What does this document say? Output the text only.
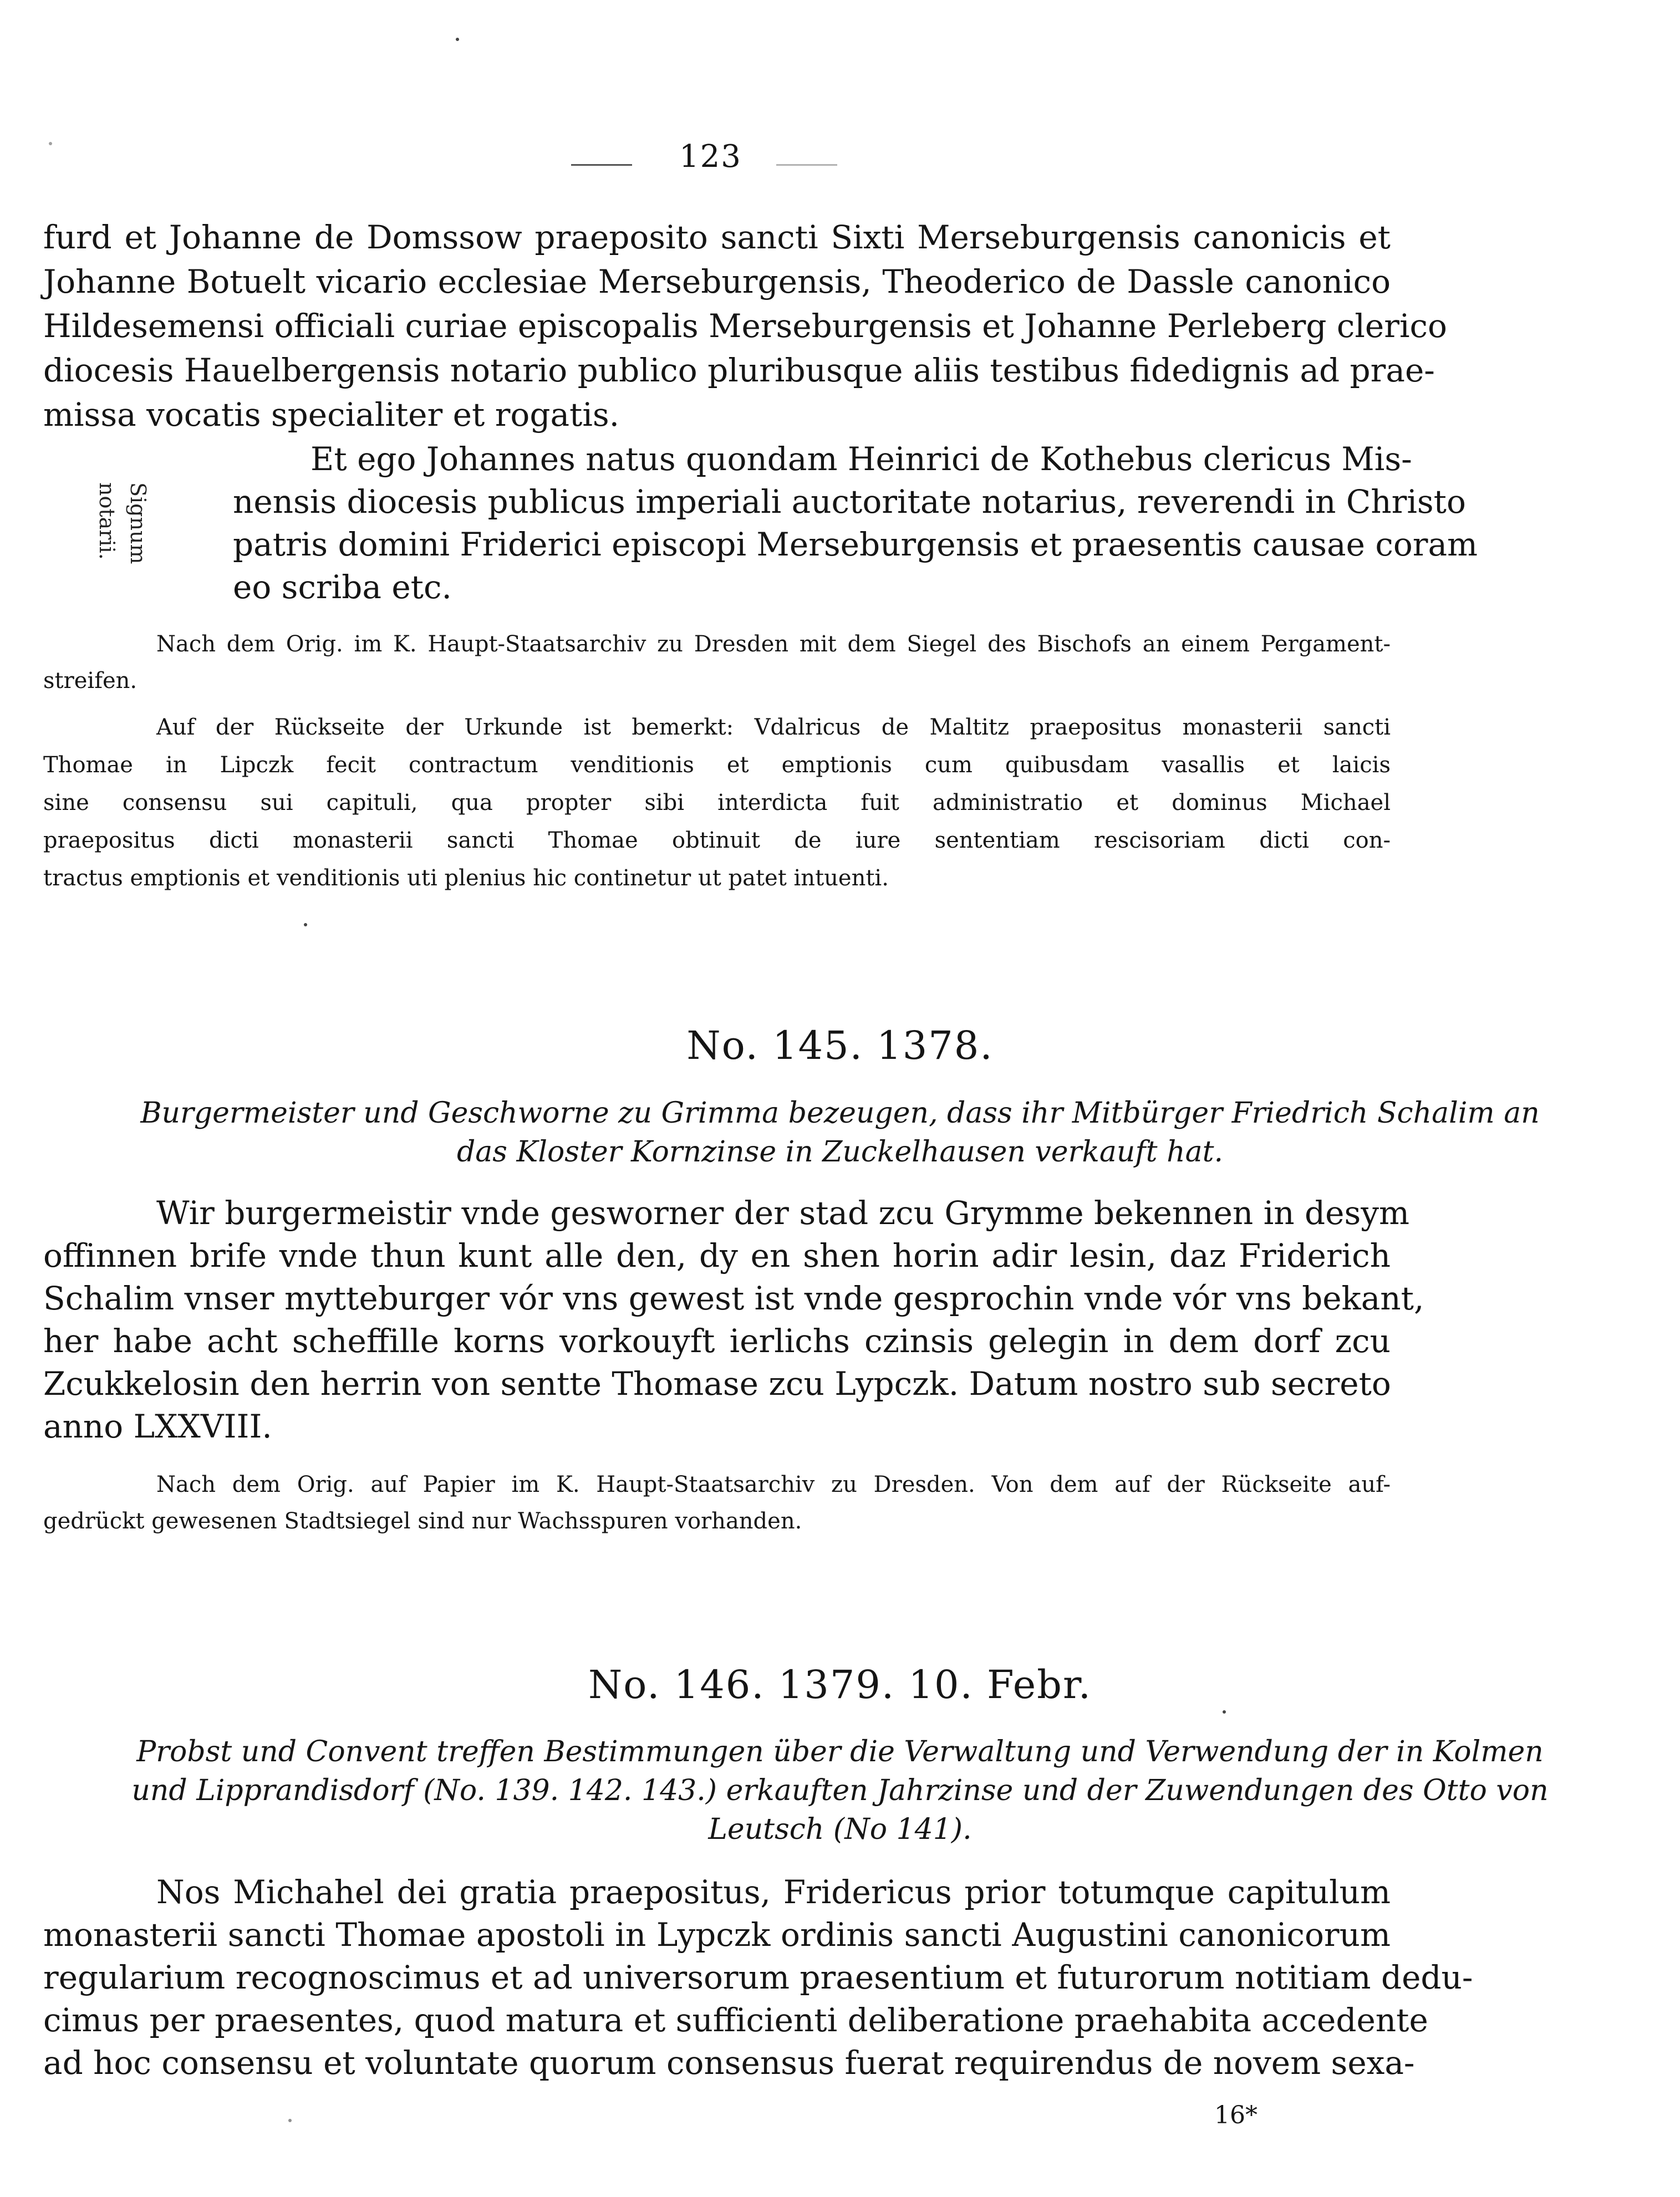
123
furd et Johanne de Domssow praeposito sancti Sixti Merseburgensis canonicis et
Johanne Botuelt vicario ecclesiae Merseburgensis, Theoderico de Dassle canonico
Hildesemensi officiali curiae episcopalis Merseburgensis et Johanne Perleberg clerico
diocesis Hauelbergensis notario publico pluribusque aliis testibus fidedignis ad prae-
missa vocatis specialiter et rogatis.
Signum
notarii.
Et ego Johannes natus quondam Heinrici de Kothebus clericus Mis-
nensis diocesis publicus imperiali auctoritate notarius, reverendi in Christo
patris domini Friderici episcopi Merseburgensis et praesentis causae coram
eo scriba etc.
Nach dem Orig. im K. Haupt-Staatsarchiv zu Dresden mit dem Siegel des Bischofs an einem Pergament-
streifen.
Auf der Rückseite der Urkunde ist bemerkt: Vdalricus de Maltitz praepositus monasterii sancti
Thomae in Lipczk fecit contractum venditionis et emptionis cum quibusdam vasallis et laicis
sine consensu sui capituli, qua propter sibi interdicta fuit administratio et dominus Michael
praepositus dicti monasterii sancti Thomae obtinuit de iure sententiam rescisoriam dicti con-
tractus emptionis et venditionis uti plenius hic continetur ut patet intuenti.
No. 145. 1378.
Burgermeister und Geschworne zu Grimma bezeugen, dass ihr Mitbürger Friedrich Schalim an
das Kloster Kornzinse in Zuckelhausen verkauft hat.
Wir burgermeistir vnde gesworner der stad zcu Grymme bekennen in desym
offinnen brife vnde thun kunt alle den, dy en shen horin adir lesin, daz Friderich
Schalim vnser mytteburger vór vns gewest ist vnde gesprochin vnde vór vns bekant,
her habe acht scheffille korns vorkouyft ierlichs czinsis gelegin in dem dorf zcu
Zcukkelosin den herrin von sentte Thomase zcu Lypczk. Datum nostro sub secreto
anno LXXVIII.
Nach dem Orig. auf Papier im K. Haupt-Staatsarchiv zu Dresden. Von dem auf der Rückseite auf-
gedrückt gewesenen Stadtsiegel sind nur Wachsspuren vorhanden.
No. 146. 1379. 10. Febr.
Probst und Convent treffen Bestimmungen über die Verwaltung und Verwendung der in Kolmen
und Lipprandisdorf (No. 139. 142. 143.) erkauften Jahrzinse und der Zuwendungen des Otto von
Leutsch (No 141).
Nos Michahel dei gratia praepositus, Fridericus prior totumque capitulum
monasterii sancti Thomae apostoli in Lypczk ordinis sancti Augustini canonicorum
regularium recognoscimus et ad universorum praesentium et futurorum notitiam dedu-
cimus per praesentes, quod matura et sufficienti deliberatione praehabita accedente
ad hoc consensu et voluntate quorum consensus fuerat requirendus de novem sexa-
16*
